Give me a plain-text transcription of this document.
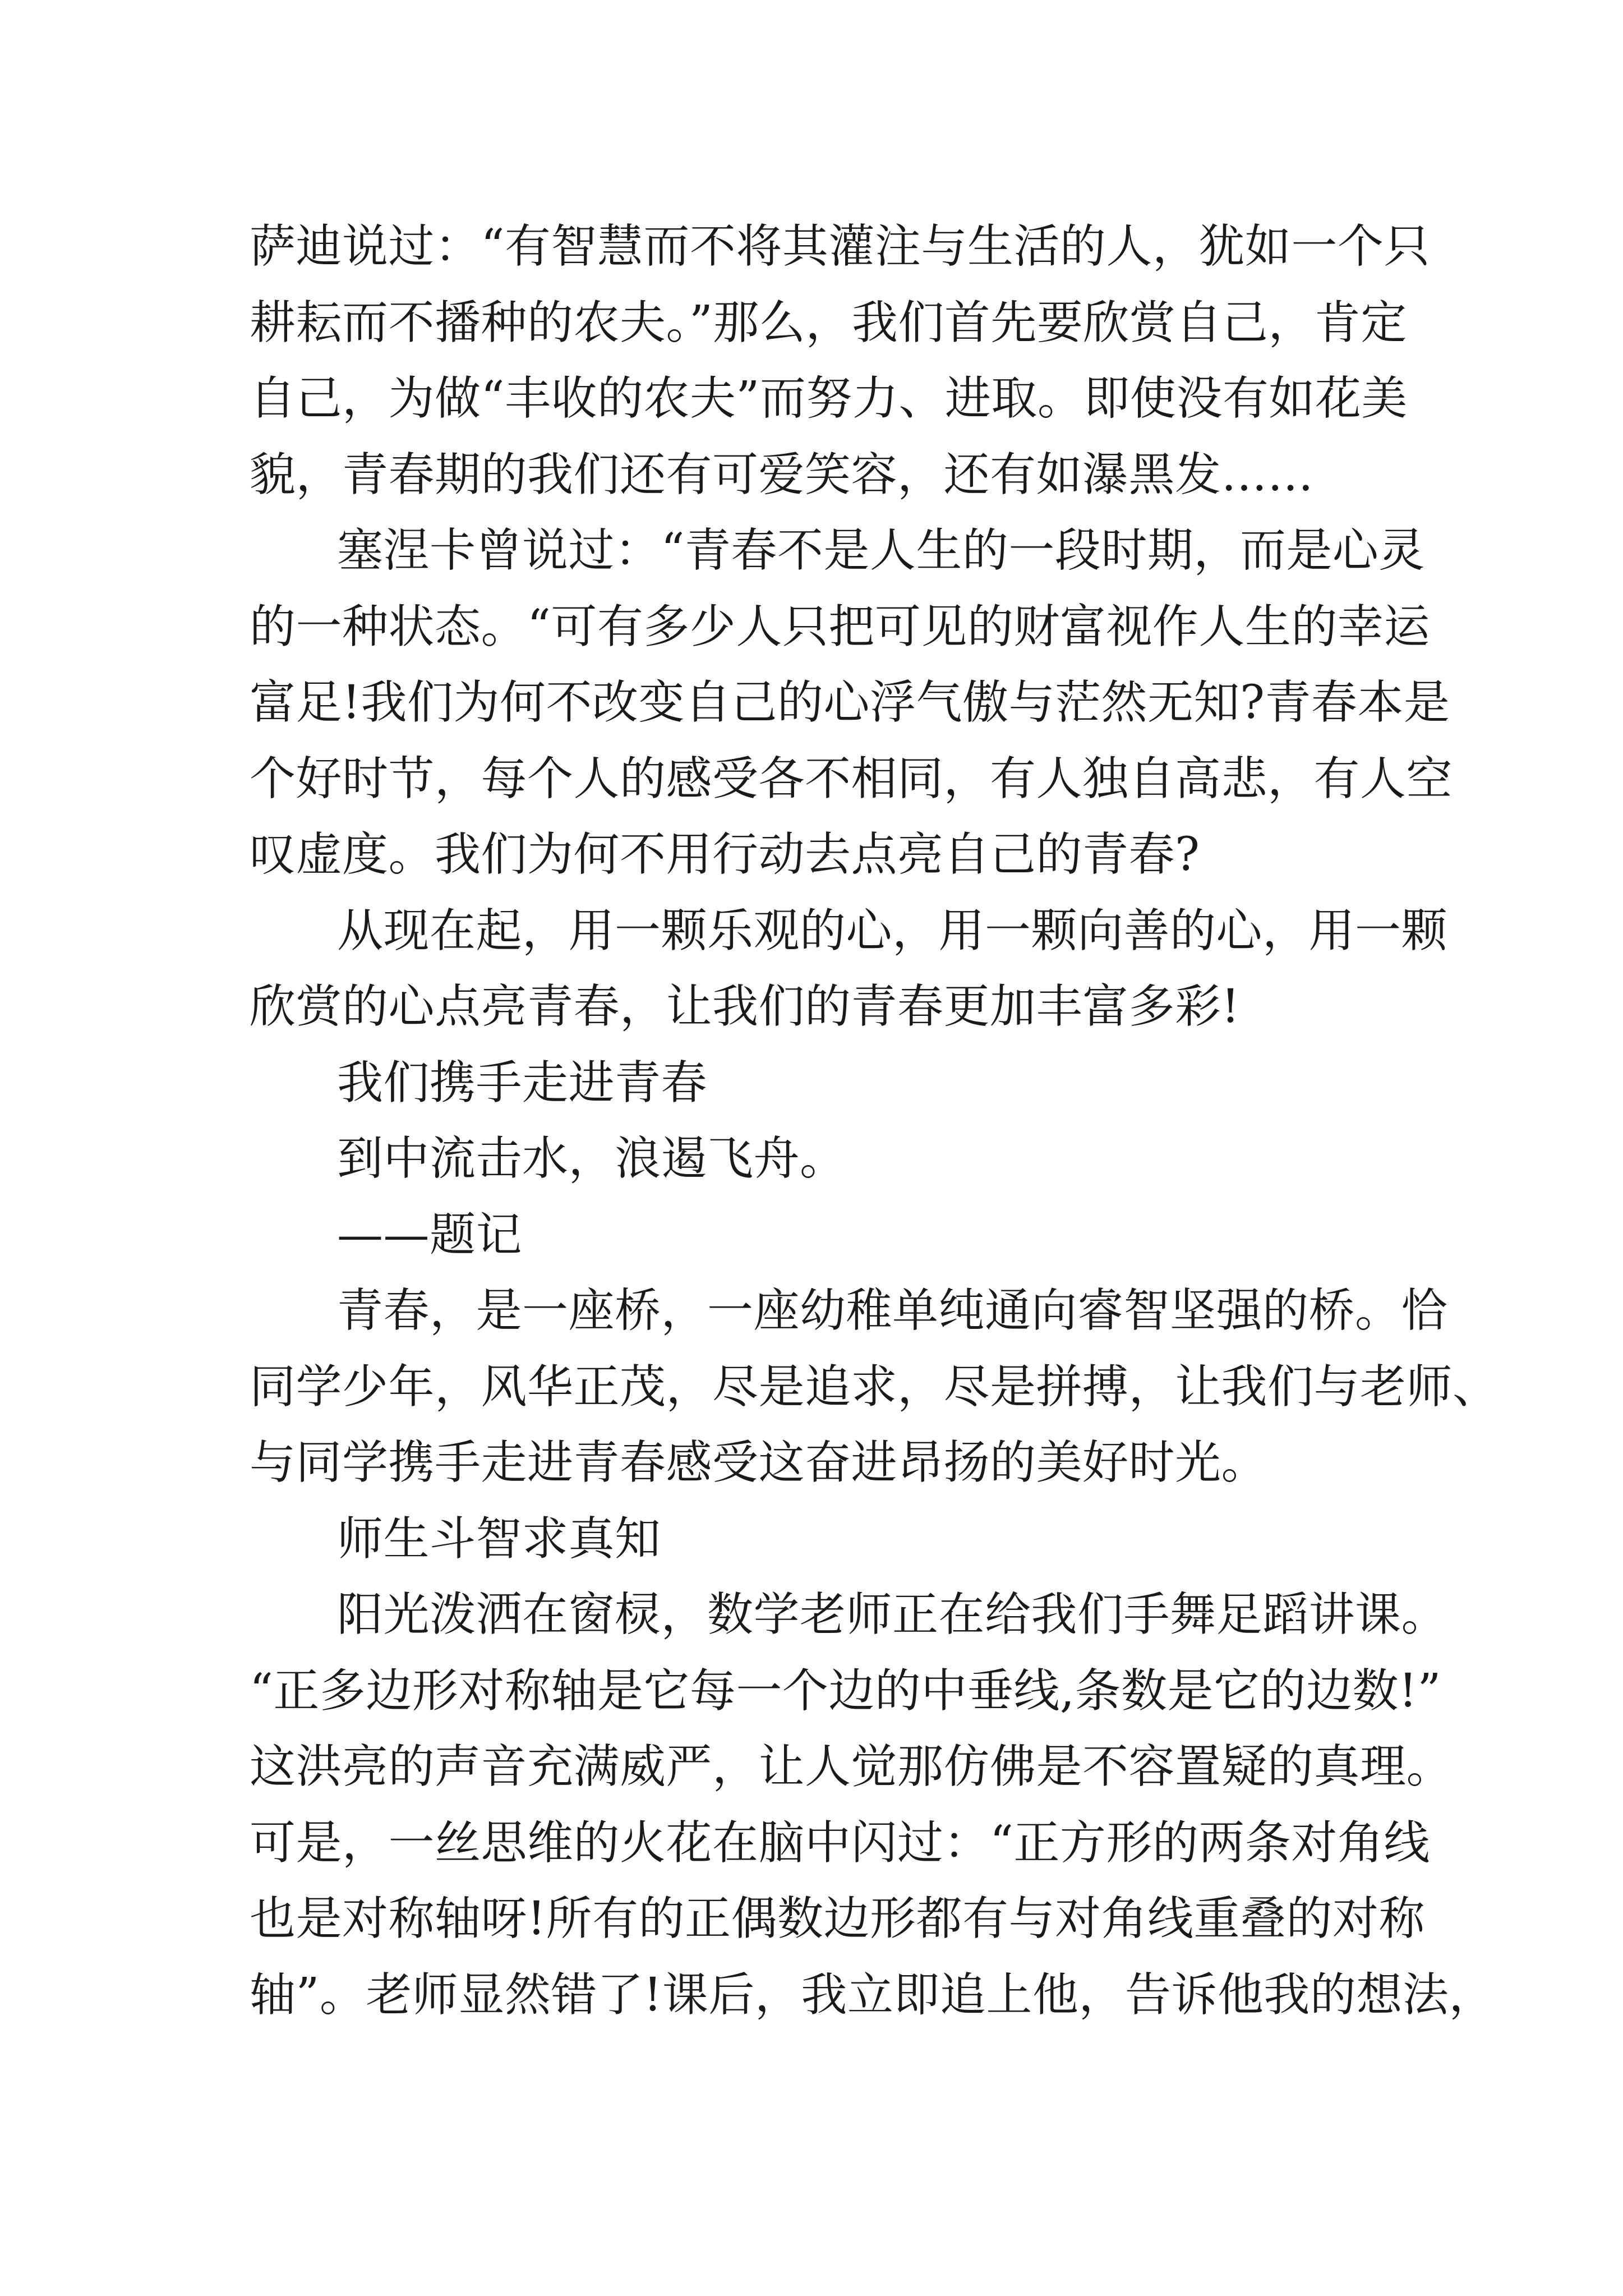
萨迪说过：“有智慧而不将其灌注与生活的人，犹如一个只
耕耘而不播种的农夫。”那么，我们首先要欣赏自己，肯定
自己，为做“丰收的农夫”而努力、进取。即使没有如花美
貌，青春期的我们还有可爱笑容，还有如瀑黑发……
塞涅卡曾说过：“青春不是人生的一段时期，而是心灵
的一种状态。“可有多少人只把可见的财富视作人生的幸运
富足!我们为何不改变自己的心浮气傲与茫然无知?青春本是
个好时节，每个人的感受各不相同，有人独自高悲，有人空
叹虚度。我们为何不用行动去点亮自己的青春?
从现在起，用一颗乐观的心，用一颗向善的心，用一颗
欣赏的心点亮青春，让我们的青春更加丰富多彩!
我们携手走进青春
到中流击水，浪遏飞舟。
——题记
青春，是一座桥，一座幼稚单纯通向睿智坚强的桥。恰
同学少年，风华正茂，尽是追求，尽是拼搏，让我们与老师、
与同学携手走进青春感受这奋进昂扬的美好时光。
师生斗智求真知
阳光泼洒在窗棂，数学老师正在给我们手舞足蹈讲课。
“正多边形对称轴是它每一个边的中垂线,条数是它的边数!”
这洪亮的声音充满威严，让人觉那仿佛是不容置疑的真理。
可是，一丝思维的火花在脑中闪过：“正方形的两条对角线
也是对称轴呀!所有的正偶数边形都有与对角线重叠的对称
轴”。老师显然错了!课后，我立即追上他，告诉他我的想法，
